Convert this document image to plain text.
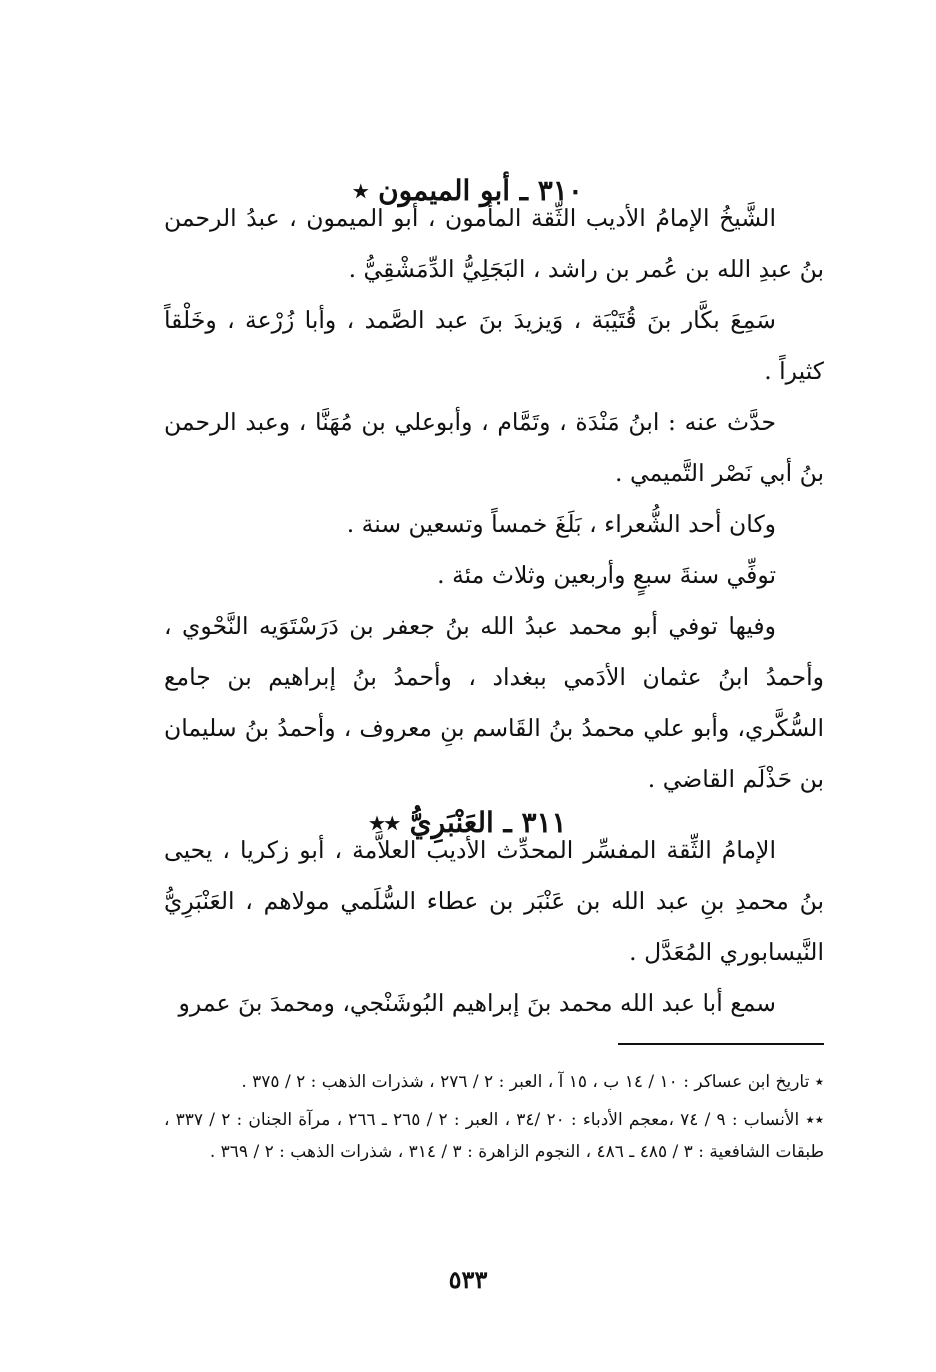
٣١٠ ـ أبو الميمون ٭

الشَّيخُ الإمامُ الأديب الثِّقة المأمون ، أبو الميمون ، عبدُ الرحمن بنُ عبدِ الله بن عُمر بن راشد ، البَجَلِيُّ الدِّمَشْقِيُّ .

سَمِعَ بكَّار بنَ قُتَيْبَة ، وَيزيدَ بنَ عبد الصَّمد ، وأبا زُرْعة ، وخَلْقاً كثيراً .

حدَّث عنه : ابنُ مَنْدَة ، وتَمَّام ، وأبوعلي بن مُهَنَّا ، وعبد الرحمن بنُ أبي نَصْر التَّميمي .

وكان أحد الشُّعراء ، بَلَغَ خمساً وتسعين سنة .

توفِّي سنةَ سبعٍ وأربعين وثلاث مئة .

وفيها توفي أبو محمد عبدُ الله بنُ جعفر بن دَرَسْتَوَيه النَّحْوي ، وأحمدُ ابنُ عثمان الأدَمي ببغداد ، وأحمدُ بنُ إبراهيم بن جامع السُّكَّري، وأبو علي محمدُ بنُ القَاسم بنِ معروف ، وأحمدُ بنُ سليمان بن حَذْلَم القاضي .

٣١١ ـ العَنْبَرِيُّ ٭٭

الإمامُ الثِّقة المفسِّر المحدِّث الأديب العلاَّمة ، أبو زكريا ، يحيى بنُ محمدِ بنِ عبد الله بن عَنْبَر بن عطاء السُّلَمي مولاهم ، العَنْبَرِيُّ النَّيسابوري المُعَدَّل .

سمع أبا عبد الله محمد بنَ إبراهيم البُوشَنْجي، ومحمدَ بنَ عمرو

٭ تاريخ ابن عساكر : ١٠ / ١٤ ب ، ١٥ آ ، العبر : ٢ / ٢٧٦ ، شذرات الذهب : ٢ / ٣٧٥ .

٭٭ الأنساب : ٩ / ٧٤ ،معجم الأدباء : ٢٠ /٣٤ ، العبر : ٢ / ٢٦٥ ـ ٢٦٦ ، مرآة الجنان : ٢ / ٣٣٧ ، طبقات الشافعية : ٣ / ٤٨٥ ـ ٤٨٦ ، النجوم الزاهرة : ٣ / ٣١٤ ، شذرات الذهب : ٢ / ٣٦٩ .

٥٣٣
